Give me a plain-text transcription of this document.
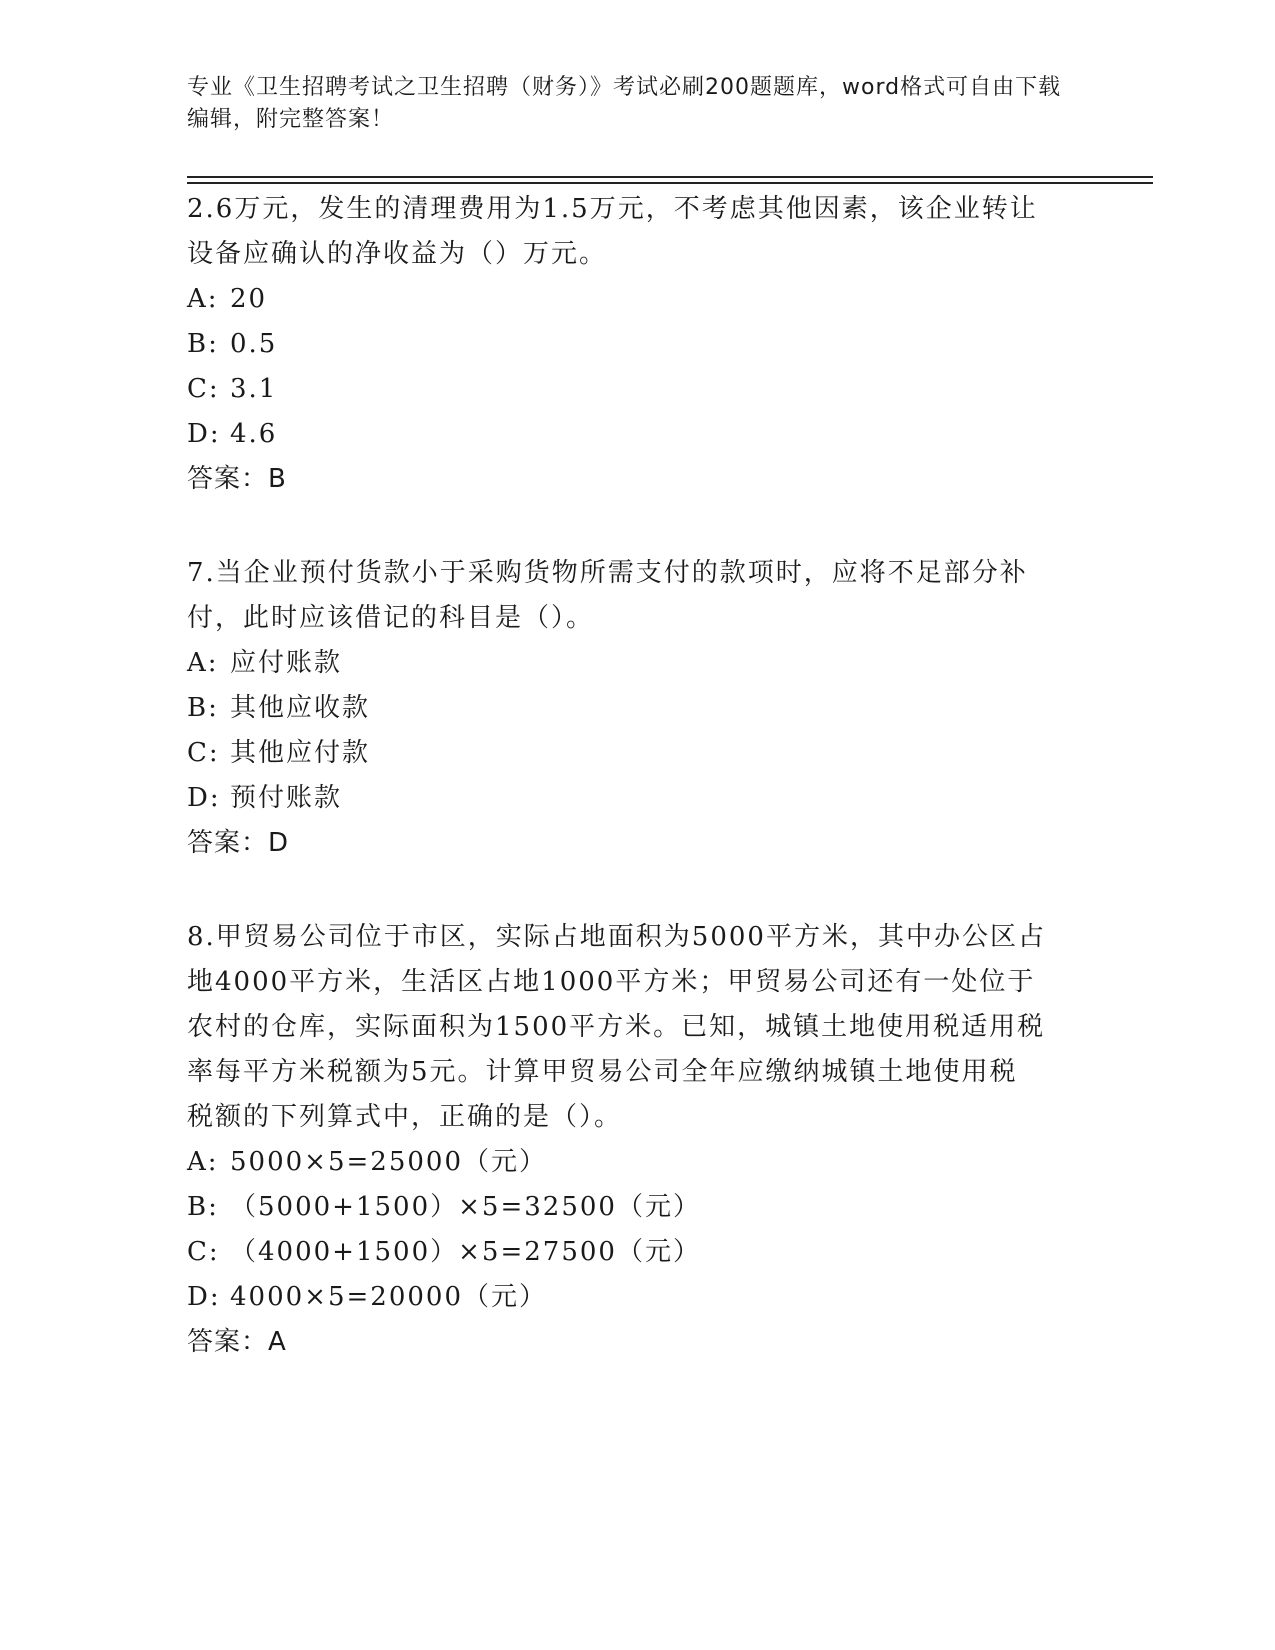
专业《卫生招聘考试之卫生招聘（财务）》考试必刷200题题库，word格式可自由下载编辑，附完整答案！

2.6万元，发生的清理费用为1.5万元，不考虑其他因素，该企业转让

设备应确认的净收益为（）万元。

A: 20

B: 0.5

C: 3.1

D: 4.6

答案：B

7.当企业预付货款小于采购货物所需支付的款项时，应将不足部分补

付，此时应该借记的科目是（）。

A: 应付账款

B: 其他应收款

C: 其他应付款

D: 预付账款

答案：D

8.甲贸易公司位于市区，实际占地面积为5000平方米，其中办公区占

地4000平方米，生活区占地1000平方米；甲贸易公司还有一处位于

农村的仓库，实际面积为1500平方米。已知，城镇土地使用税适用税

率每平方米税额为5元。计算甲贸易公司全年应缴纳城镇土地使用税

税额的下列算式中，正确的是（）。

A: 5000×5=25000（元）

B: （5000+1500）×5=32500（元）

C: （4000+1500）×5=27500（元）

D: 4000×5=20000（元）

答案：A
